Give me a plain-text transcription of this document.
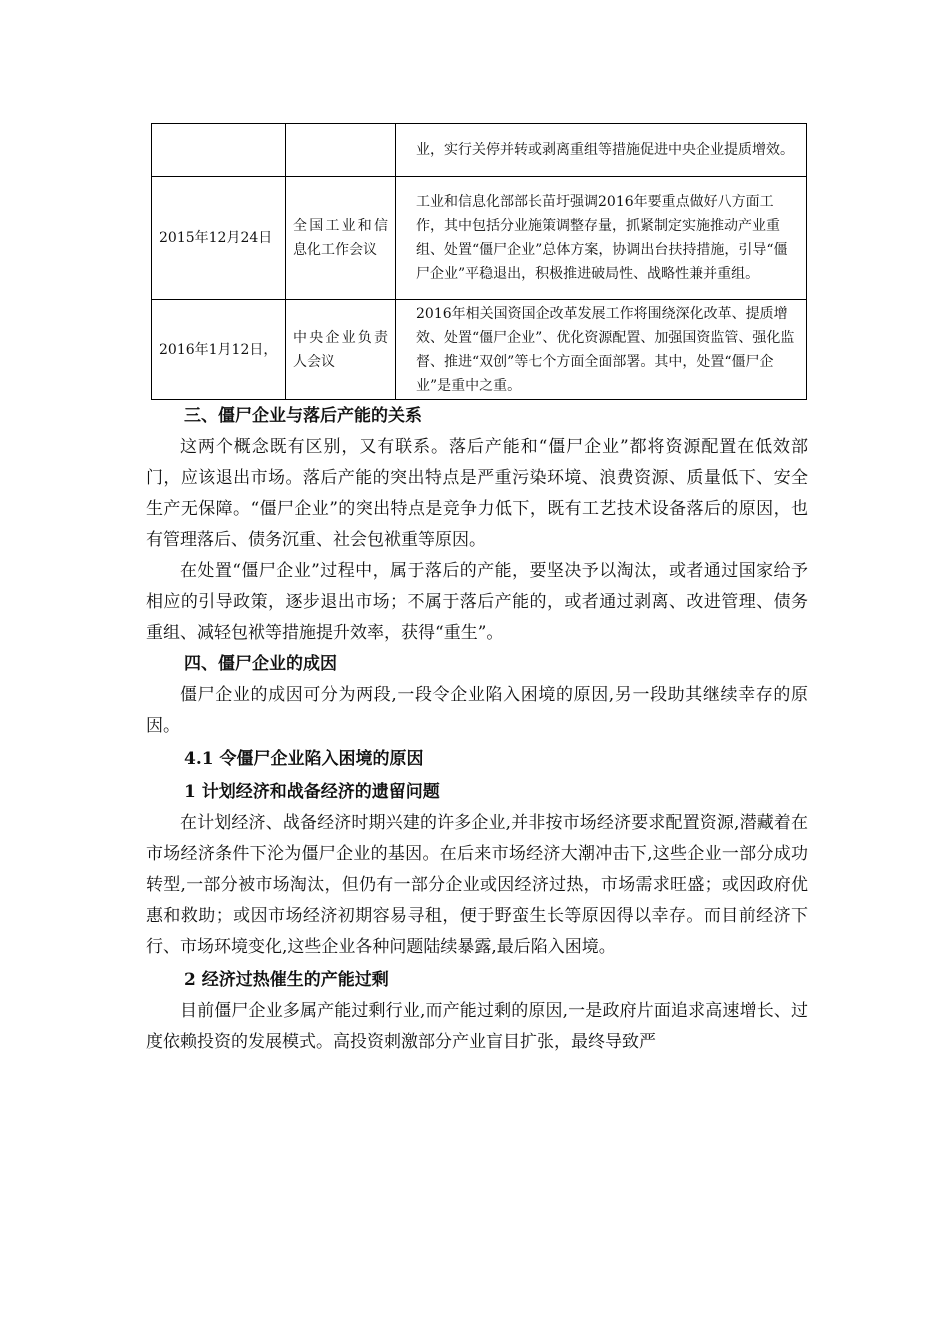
		业，实行关停并转或剥离重组等措施促进中央企业提质增效。
2015年12月24日	全国工业和信息化工作会议	工业和信息化部部长苗圩强调2016年要重点做好八方面工作，其中包括分业施策调整存量，抓紧制定实施推动产业重组、处置“僵尸企业”总体方案，协调出台扶持措施，引导“僵尸企业”平稳退出，积极推进破局性、战略性兼并重组。
2016年1月12日，	中央企业负责人会议	2016年相关国资国企改革发展工作将围绕深化改革、提质增效、处置“僵尸企业”、优化资源配置、加强国资监管、强化监督、推进“双创”等七个方面全面部署。其中，处置“僵尸企业”是重中之重。

三、僵尸企业与落后产能的关系

这两个概念既有区别，又有联系。落后产能和“僵尸企业”都将资源配置在低效部门，应该退出市场。落后产能的突出特点是严重污染环境、浪费资源、质量低下、安全生产无保障。“僵尸企业”的突出特点是竞争力低下，既有工艺技术设备落后的原因，也有管理落后、债务沉重、社会包袱重等原因。

在处置“僵尸企业”过程中，属于落后的产能，要坚决予以淘汰，或者通过国家给予相应的引导政策，逐步退出市场；不属于落后产能的，或者通过剥离、改进管理、债务重组、减轻包袱等措施提升效率，获得“重生”。

四、僵尸企业的成因

僵尸企业的成因可分为两段,一段令企业陷入困境的原因,另一段助其继续幸存的原因。

4.1 令僵尸企业陷入困境的原因

1 计划经济和战备经济的遗留问题

在计划经济、战备经济时期兴建的许多企业,并非按市场经济要求配置资源,潜藏着在市场经济条件下沦为僵尸企业的基因。在后来市场经济大潮冲击下,这些企业一部分成功转型,一部分被市场淘汰，但仍有一部分企业或因经济过热，市场需求旺盛；或因政府优惠和救助；或因市场经济初期容易寻租，便于野蛮生长等原因得以幸存。而目前经济下行、市场环境变化,这些企业各种问题陆续暴露,最后陷入困境。

2 经济过热催生的产能过剩

目前僵尸企业多属产能过剩行业,而产能过剩的原因,一是政府片面追求高速增长、过度依赖投资的发展模式。高投资刺激部分产业盲目扩张，最终导致严
